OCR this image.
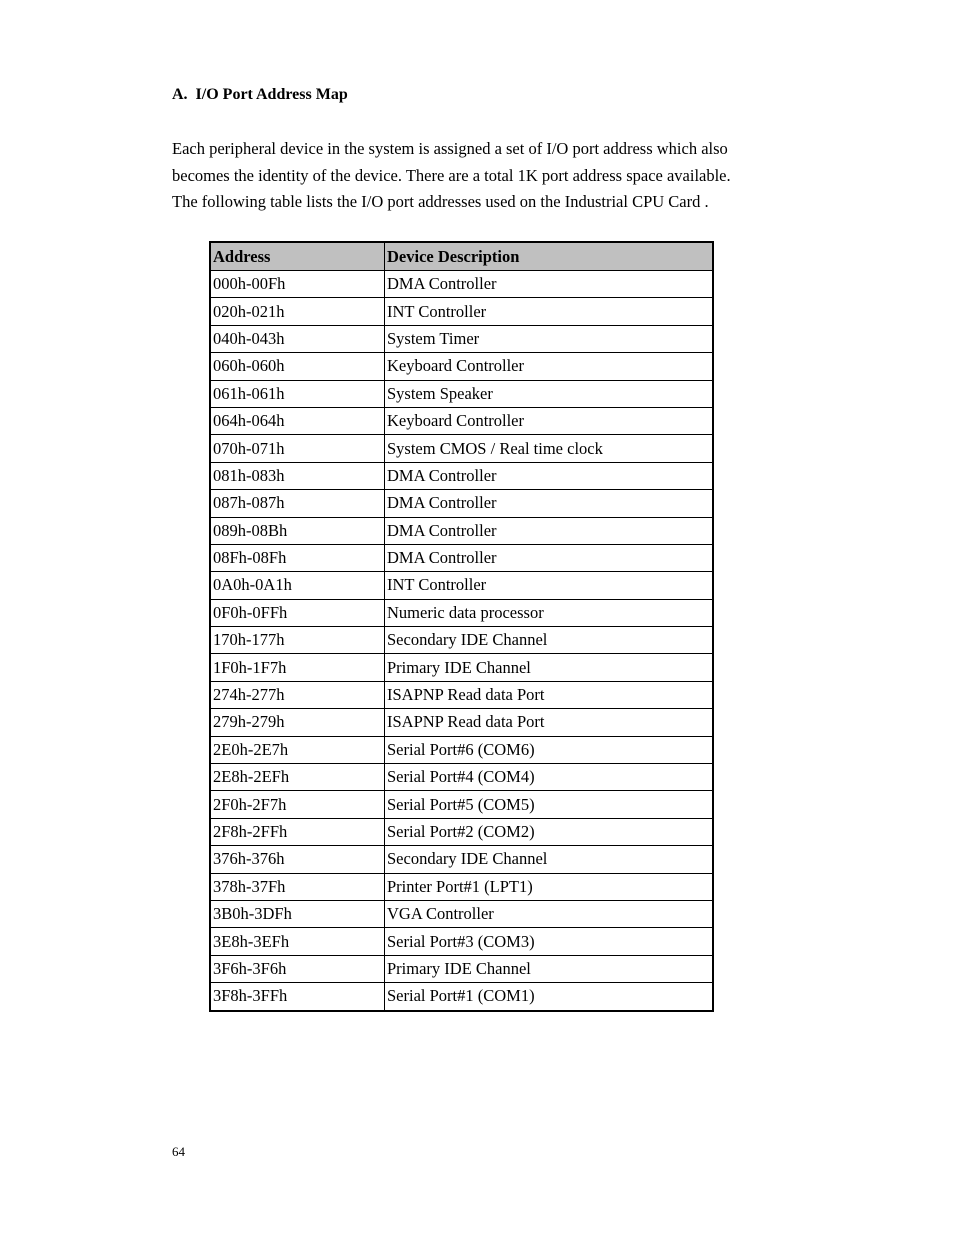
A.  I/O Port Address Map
Each peripheral device in the system is assigned a set of I/O port address which also
becomes the identity of the device. There are a total 1K port address space available.
The following table lists the I/O port addresses used on the Industrial CPU Card .
Address	Device Description
000h-00Fh	DMA Controller
020h-021h	INT Controller
040h-043h	System Timer
060h-060h	Keyboard Controller
061h-061h	System Speaker
064h-064h	Keyboard Controller
070h-071h	System CMOS / Real time clock
081h-083h	DMA Controller
087h-087h	DMA Controller
089h-08Bh	DMA Controller
08Fh-08Fh	DMA Controller
0A0h-0A1h	INT Controller
0F0h-0FFh	Numeric data processor
170h-177h	Secondary IDE Channel
1F0h-1F7h	Primary IDE Channel
274h-277h	ISAPNP Read data Port
279h-279h	ISAPNP Read data Port
2E0h-2E7h	Serial Port#6 (COM6)
2E8h-2EFh	Serial Port#4 (COM4)
2F0h-2F7h	Serial Port#5 (COM5)
2F8h-2FFh	Serial Port#2 (COM2)
376h-376h	Secondary IDE Channel
378h-37Fh	Printer Port#1 (LPT1)
3B0h-3DFh	VGA Controller
3E8h-3EFh	Serial Port#3 (COM3)
3F6h-3F6h	Primary IDE Channel
3F8h-3FFh	Serial Port#1 (COM1)
64
